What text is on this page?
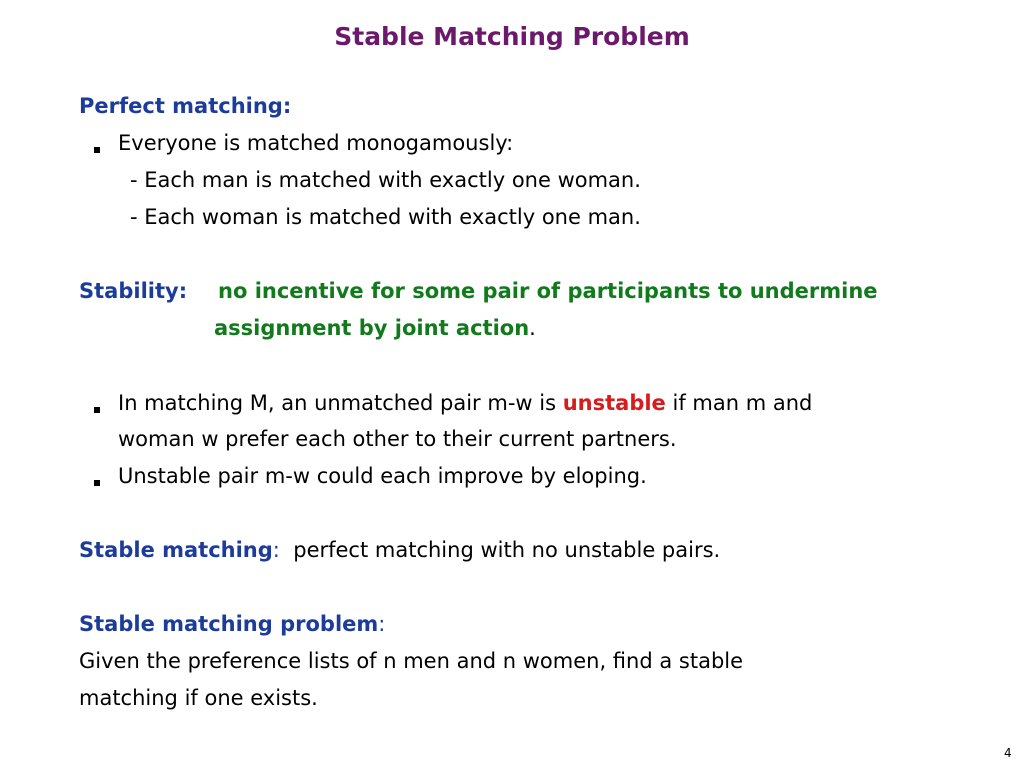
Stable Matching Problem
Perfect matching:
Everyone is matched monogamously:
- Each man is matched with exactly one woman.
- Each woman is matched with exactly one man.
Stability: no incentive for some pair of participants to undermine
assignment by joint action.
In matching M, an unmatched pair m-w is unstable if man m and
woman w prefer each other to their current partners.
Unstable pair m-w could each improve by eloping.
Stable matching: perfect matching with no unstable pairs.
Stable matching problem:
Given the preference lists of n men and n women, find a stable
matching if one exists.
4
